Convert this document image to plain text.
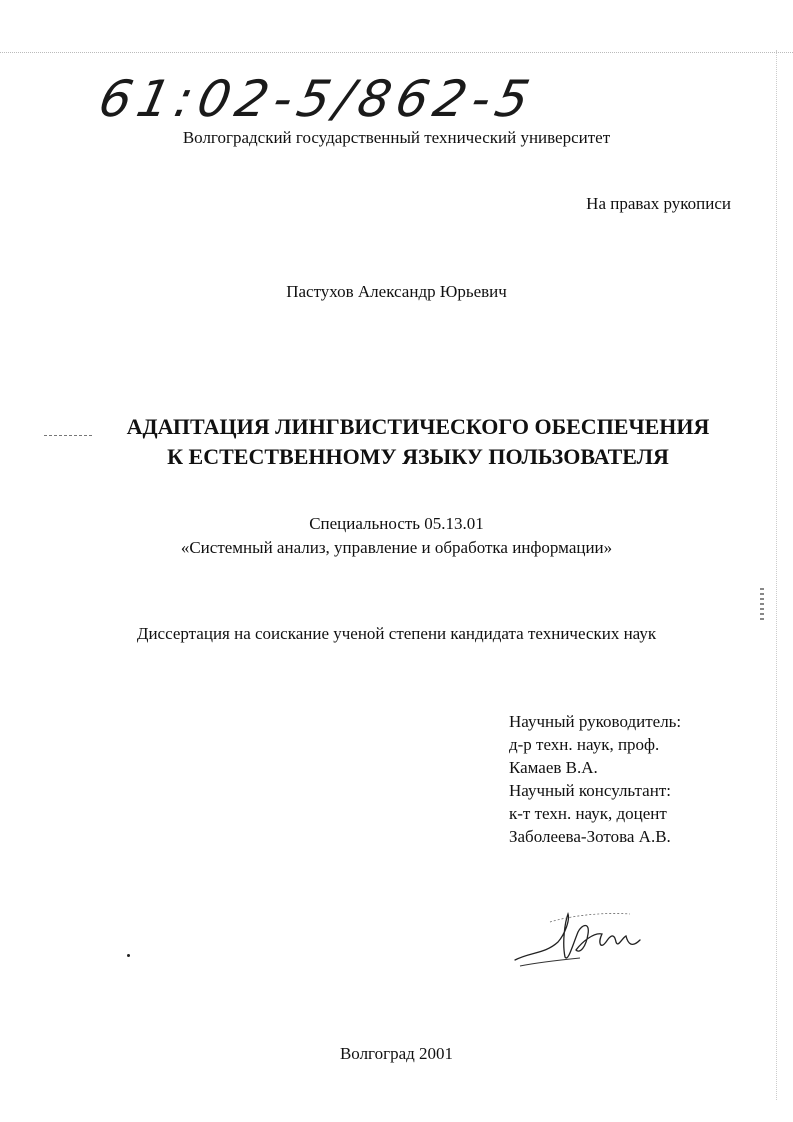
61:02-5/862-5
Волгоградский государственный технический университет
На правах рукописи
Пастухов Александр Юрьевич
АДАПТАЦИЯ ЛИНГВИСТИЧЕСКОГО ОБЕСПЕЧЕНИЯ
К ЕСТЕСТВЕННОМУ ЯЗЫКУ ПОЛЬЗОВАТЕЛЯ
Специальность 05.13.01
«Системный анализ, управление и обработка информации»
Диссертация на соискание ученой степени кандидата технических наук
Научный руководитель:
д-р техн. наук, проф.
Камаев В.А.
Научный консультант:
к-т техн. наук, доцент
Заболеева-Зотова А.В.
Волгоград 2001
